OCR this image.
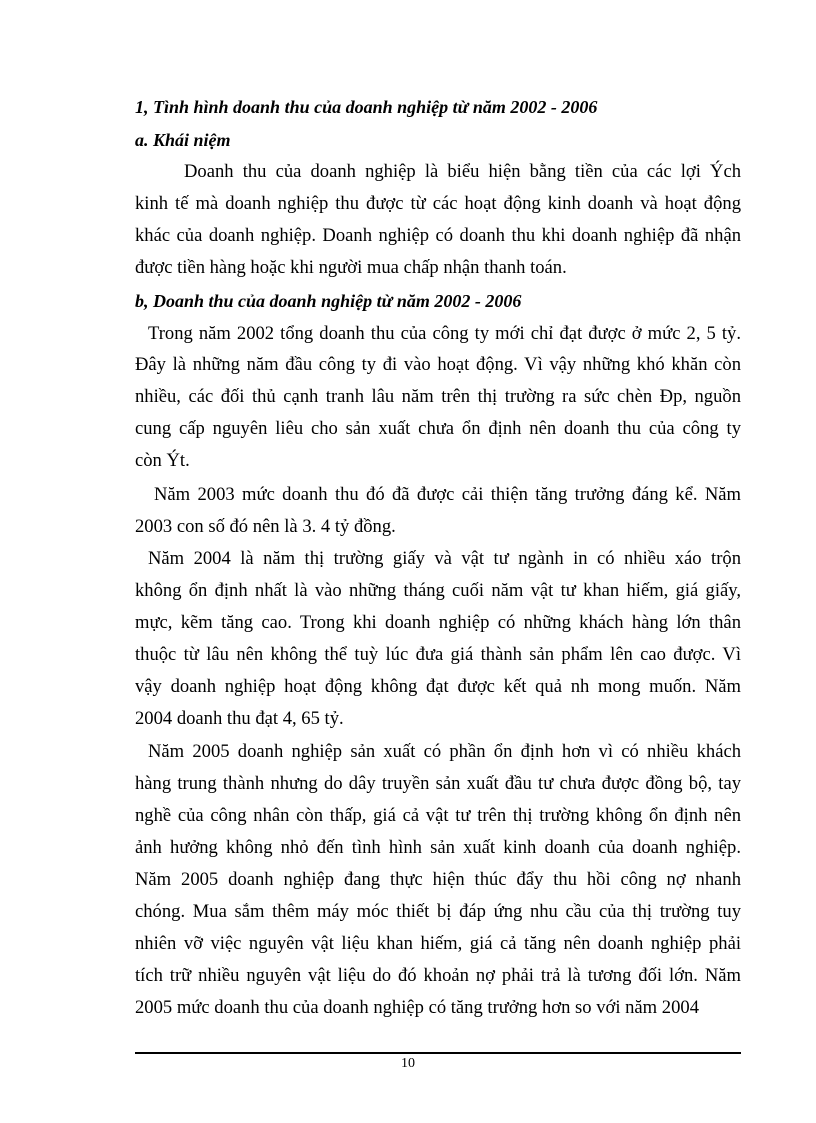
1, Tình hình doanh thu của doanh nghiệp từ năm 2002 - 2006
a. Khái niệm
Doanh thu của doanh nghiệp là biểu hiện bằng tiền của các lợi Ých
kinh tế mà doanh nghiệp thu được từ các hoạt động kinh doanh và hoạt động
khác của doanh nghiệp. Doanh nghiệp có doanh thu khi doanh nghiệp đã nhận
được tiền hàng hoặc khi người mua chấp nhận thanh toán.
b, Doanh thu của doanh nghiệp từ năm 2002 - 2006
Trong năm 2002 tổng doanh thu của công ty mới chỉ đạt được ở mức 2, 5 tỷ.
Đây là những năm đầu công ty đi vào hoạt động. Vì vậy những khó khăn còn
nhiều, các đối thủ cạnh tranh lâu năm trên thị trường ra sức chèn Ðp, nguồn
cung cấp nguyên liêu cho sản xuất chưa ổn định nên doanh thu của công ty
còn Ýt.
Năm 2003 mức doanh thu đó đã được cải thiện tăng trưởng đáng kể. Năm
2003 con số đó nên là 3. 4 tỷ đồng.
Năm 2004 là năm thị trường giấy và vật tư ngành in có nhiều xáo trộn
không ổn định nhất là vào những tháng cuối năm vật tư khan hiếm, giá giấy,
mực, kẽm tăng cao. Trong khi doanh nghiệp có những khách hàng lớn thân
thuộc từ lâu nên không thể tuỳ lúc đưa giá thành sản phẩm lên cao được. Vì
vậy doanh nghiệp hoạt động không đạt được kết quả nh mong muốn. Năm
2004 doanh thu đạt 4, 65 tỷ.
Năm 2005 doanh nghiệp sản xuất có phần ổn định hơn vì có nhiều khách
hàng trung thành nhưng do dây truyền sản xuất đầu tư chưa được đồng bộ, tay
nghề của công nhân còn thấp, giá cả vật tư trên thị trường không ổn định nên
ảnh hưởng không nhỏ đến tình hình sản xuất kinh doanh của doanh nghiệp.
Năm 2005 doanh nghiệp đang thực hiện thúc đẩy thu hồi công nợ nhanh
chóng. Mua sắm thêm máy móc thiết bị đáp ứng nhu cầu của thị trường tuy
nhiên vỡ việc nguyên vật liệu khan hiếm, giá cả tăng nên doanh nghiệp phải
tích trữ nhiều nguyên vật liệu do đó khoản nợ phải trả là tương đối lớn. Năm
2005 mức doanh thu của doanh nghiệp có tăng trưởng hơn so với năm 2004
10
